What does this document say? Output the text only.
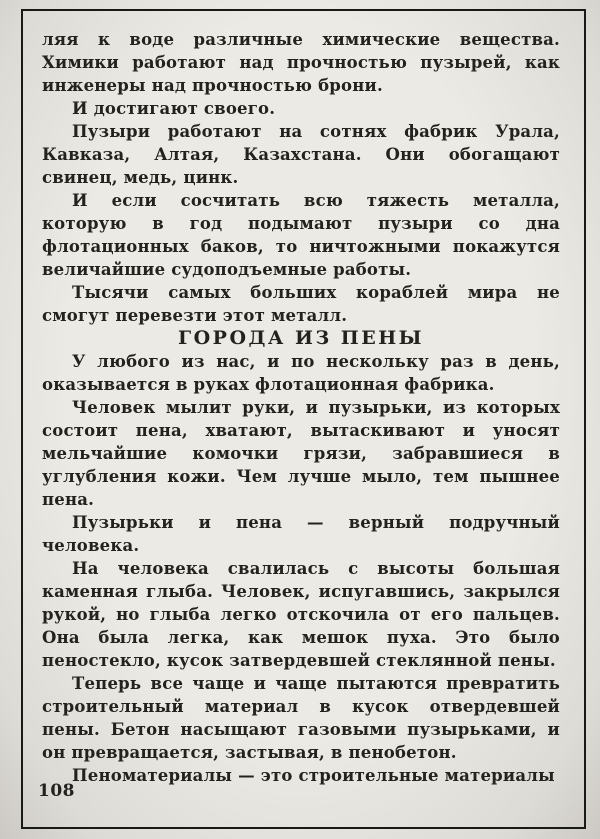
ляя к воде различные химические вещества. Химики работают над прочностью пузырей, как инженеры над прочностью брони.

И достигают своего.

Пузыри работают на сотнях фабрик Урала, Кавказа, Алтая, Казахстана. Они обогащают свинец, медь, цинк.

И если сосчитать всю тяжесть металла, которую в год подымают пузыри со дна флотационных баков, то ничтожными покажутся величайшие судоподъемные работы.

Тысячи самых больших кораблей мира не смогут перевезти этот металл.

ГОРОДА ИЗ ПЕНЫ

У любого из нас, и по нескольку раз в день, оказывается в руках флотационная фабрика.

Человек мылит руки, и пузырьки, из которых состоит пена, хватают, вытаскивают и уносят мельчайшие комочки грязи, забравшиеся в углубления кожи. Чем лучше мыло, тем пышнее пена.

Пузырьки и пена — верный подручный человека.

На человека свалилась с высоты большая каменная глыба. Человек, испугавшись, закрылся рукой, но глыба легко отскочила от его пальцев. Она была легка, как мешок пуха. Это было пеностекло, кусок затвердевшей стеклянной пены.

Теперь все чаще и чаще пытаются превратить строительный материал в кусок отвердевшей пены. Бетон насыщают газовыми пузырьками, и он превращается, застывая, в пенобетон.

Пеноматериалы — это строительные материалы

108
